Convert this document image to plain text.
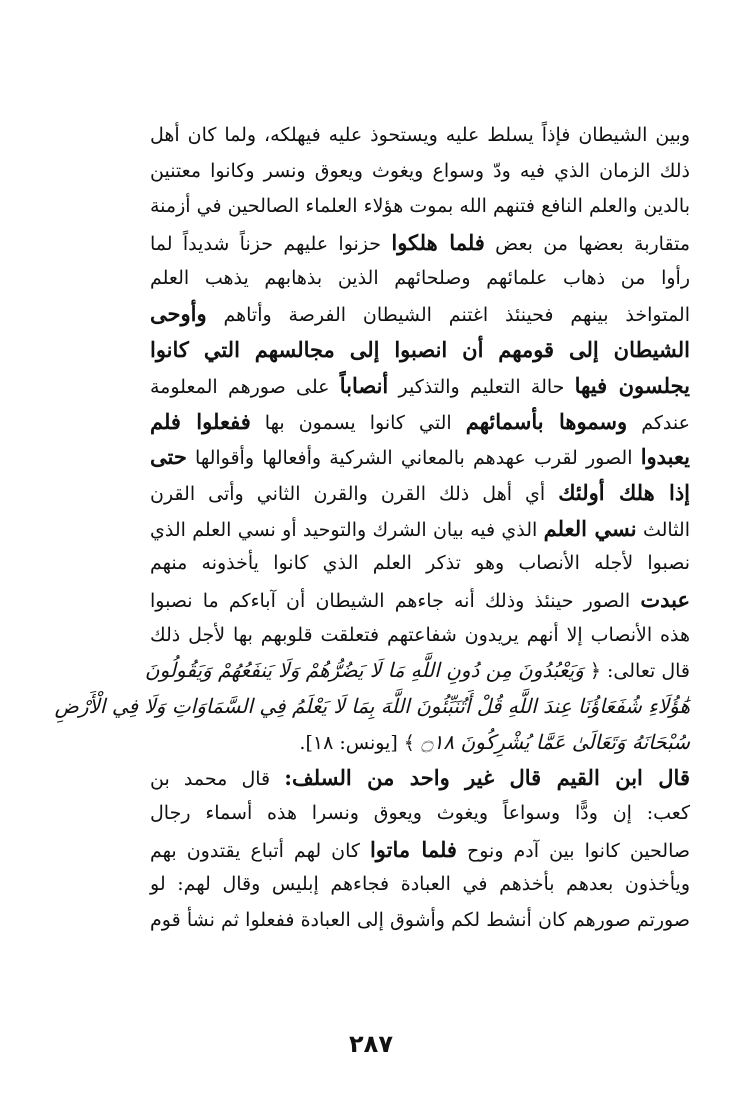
وبين الشيطان فإذاً يسلط عليه ويستحوذ عليه فيهلكه، ولما كان أهل
ذلك الزمان الذي فيه ودّ وسواع ويغوث ويعوق ونسر وكانوا معتنين
بالدين والعلم النافع فتنهم الله بموت هؤلاء العلماء الصالحين في أزمنة
متقاربة بعضها من بعض فلما هلكوا حزنوا عليهم حزناً شديداً لما
رأوا من ذهاب علمائهم وصلحائهم الذين بذهابهم يذهب العلم
المتواخذ بينهم فحينئذ اغتنم الشيطان الفرصة وأتاهم وأوحى
الشيطان إلى قومهم أن انصبوا إلى مجالسهم التي كانوا
يجلسون فيها حالة التعليم والتذكير أنصاباً على صورهم المعلومة
عندكم وسموها بأسمائهم التي كانوا يسمون بها ففعلوا فلم
يعبدوا الصور لقرب عهدهم بالمعاني الشركية وأفعالها وأقوالها حتى
إذا هلك أولئك أي أهل ذلك القرن والقرن الثاني وأتى القرن
الثالث نسي العلم الذي فيه بيان الشرك والتوحيد أو نسي العلم الذي
نصبوا لأجله الأنصاب وهو تذكر العلم الذي كانوا يأخذونه منهم
عبدت الصور حينئذ وذلك أنه جاءهم الشيطان أن آباءكم ما نصبوا
هذه الأنصاب إلا أنهم يريدون شفاعتهم فتعلقت قلوبهم بها لأجل ذلك
قال تعالى: ﴿ وَيَعْبُدُونَ مِن دُونِ اللَّهِ مَا لَا يَضُرُّهُمْ وَلَا يَنفَعُهُمْ وَيَقُولُونَ
هَٰؤُلَاءِ شُفَعَاؤُنَا عِندَ اللَّهِ قُلْ أَتُنَبِّئُونَ اللَّهَ بِمَا لَا يَعْلَمُ فِي السَّمَاوَاتِ وَلَا فِي الْأَرْضِ
سُبْحَانَهُ وَتَعَالَىٰ عَمَّا يُشْرِكُونَ ۝١٨ ﴾ [يونس: ١٨].
قال ابن القيم قال غير واحد من السلف: قال محمد بن
كعب: إن ودًّا وسواعاً ويغوث ويعوق ونسرا هذه أسماء رجال
صالحين كانوا بين آدم ونوح فلما ماتوا كان لهم أتباع يقتدون بهم
ويأخذون بعدهم بأخذهم في العبادة فجاءهم إبليس وقال لهم: لو
صورتم صورهم كان أنشط لكم وأشوق إلى العبادة ففعلوا ثم نشأ قوم
٢٨٧
